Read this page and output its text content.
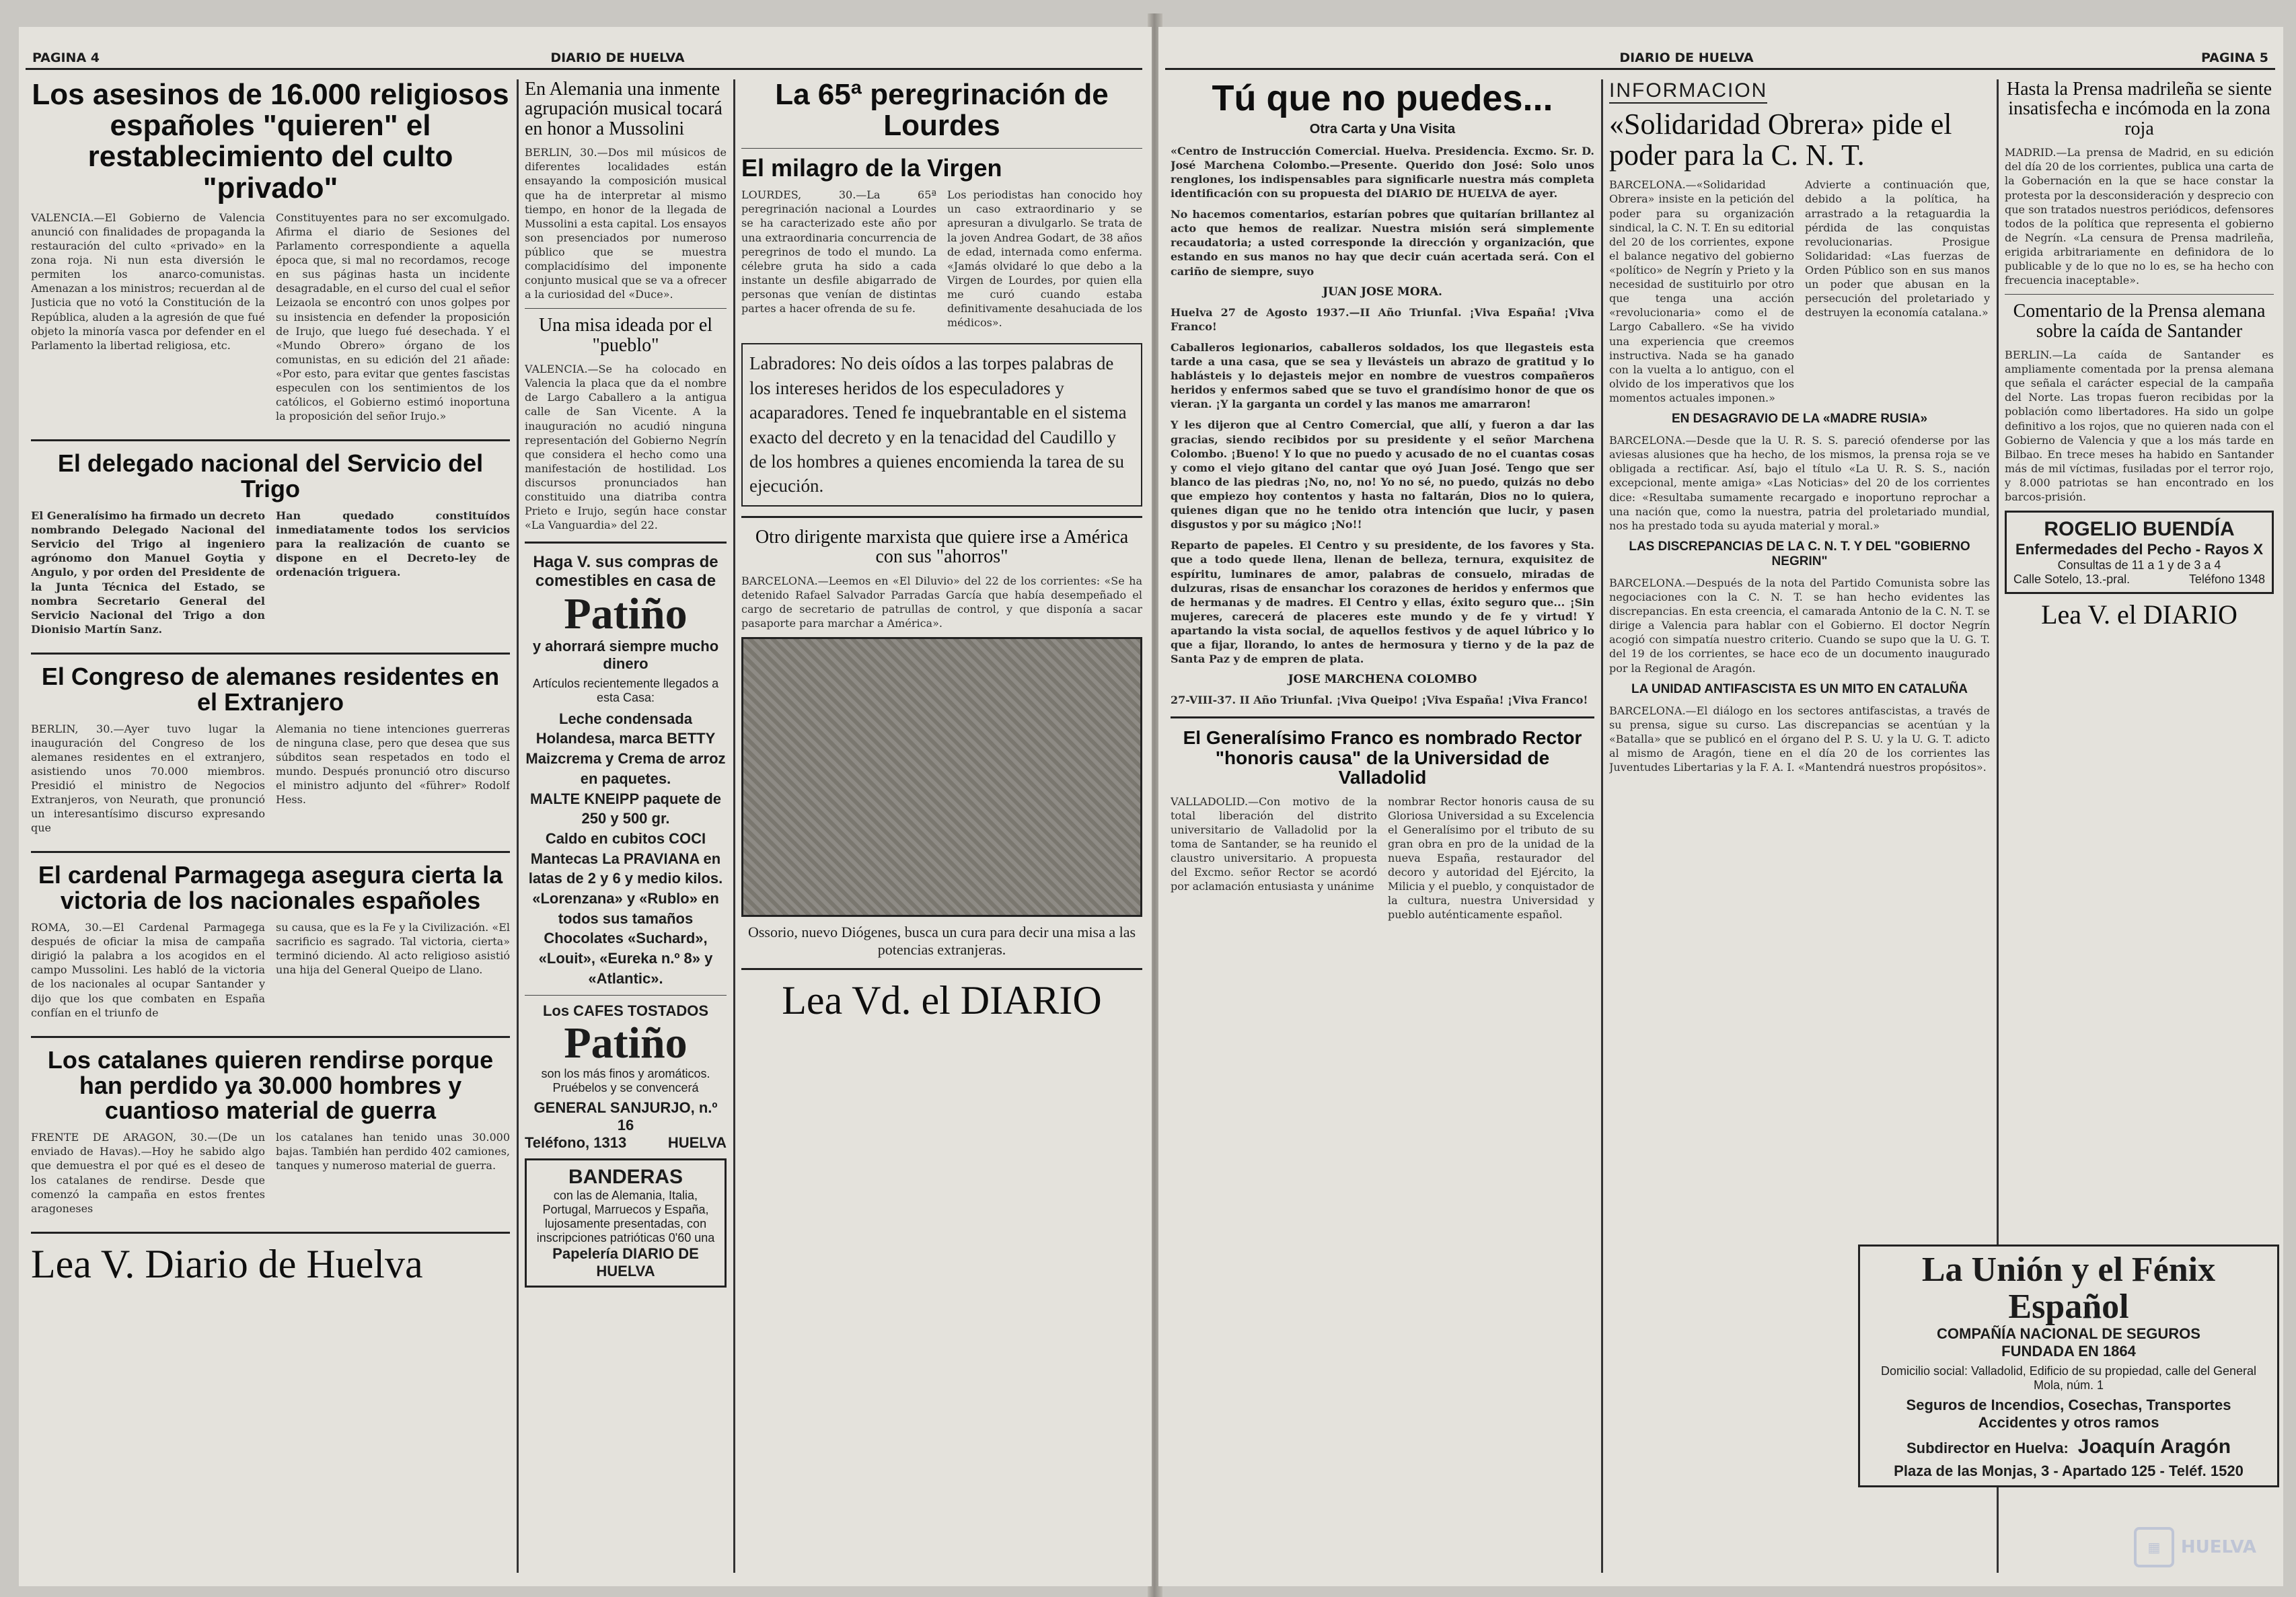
PAGINA 4	DIARIO DE HUELVA
Los asesinos de 16.000 religiosos españoles "quieren" el restablecimiento del culto "privado"
VALENCIA.—El Gobierno de Valencia anunció con finalidades de propaganda la restauración del culto «privado» en la zona roja. Ni nun esta diversión le permiten los anarco-comunistas. Amenazan a los ministros; recuerdan al de Justicia que no votó la Constitución de la República, aluden a la agresión de que fué objeto la minoría vasca por defender en el Parlamento la libertad religiosa, etc.
Constituyentes para no ser excomulgado. Afirma el diario de Sesiones del Parlamento correspondiente a aquella época que, si mal no recordamos, recoge en sus páginas hasta un incidente desagradable, en el curso del cual el señor Leizaola se encontró con unos golpes por su insistencia en defender la proposición de Irujo, que luego fué desechada. Y el «Mundo Obrero» órgano de los comunistas, en su edición del 21 añade: «Por esto, para evitar que gentes fascistas especulen con los sentimientos de los católicos, el Gobierno estimó inoportuna la proposición del señor Irujo.»
El delegado nacional del Servicio del Trigo
El Generalísimo ha firmado un decreto nombrando Delegado Nacional del Servicio del Trigo al ingeniero agrónomo don Manuel Goytia y Angulo, y por orden del Presidente de la Junta Técnica del Estado, se nombra Secretario General del Servicio Nacional del Trigo a don Dionisio Martín Sanz.
Han quedado constituídos inmediatamente todos los servicios para la realización de cuanto se dispone en el Decreto-ley de ordenación triguera.
El Congreso de alemanes residentes en el Extranjero
BERLIN, 30.—Ayer tuvo lugar la inauguración del Congreso de los alemanes residentes en el extranjero, asistiendo unos 70.000 miembros. Presidió el ministro de Negocios Extranjeros, von Neurath, que pronunció un interesantísimo discurso expresando que
Alemania no tiene intenciones guerreras de ninguna clase, pero que desea que sus súbditos sean respetados en todo el mundo. Después pronunció otro discurso el ministro adjunto del «führer» Rodolf Hess.
El cardenal Parmagega asegura cierta la victoria de los nacionales españoles
ROMA, 30.—El Cardenal Parmagega después de oficiar la misa de campaña dirigió la palabra a los acogidos en el campo Mussolini. Les habló de la victoria de los nacionales al ocupar Santander y dijo que los que combaten en España confían en el triunfo de
su causa, que es la Fe y la Civilización. «El sacrificio es sagrado. Tal victoria, cierta» terminó diciendo. Al acto religioso asistió una hija del General Queipo de Llano.
Los catalanes quieren rendirse porque han perdido ya 30.000 hombres y cuantioso material de guerra
FRENTE DE ARAGON, 30.—(De un enviado de Havas).—Hoy he sabido algo que demuestra el por qué es el deseo de los catalanes de rendirse. Desde que comenzó la campaña en estos frentes aragoneses
los catalanes han tenido unas 30.000 bajas. También han perdido 402 camiones, tanques y numeroso material de guerra.
Lea V. Diario de Huelva
En Alemania una inmente agrupación musical tocará en honor a Mussolini
BERLIN, 30.—Dos mil músicos de diferentes localidades están ensayando la composición musical que ha de interpretar al mismo tiempo, en honor de la llegada de Mussolini a esta capital. Los ensayos son presenciados por numeroso público que se muestra complacidísimo del imponente conjunto musical que se va a ofrecer a la curiosidad del «Duce».
Una misa ideada por el "pueblo"
VALENCIA.—Se ha colocado en Valencia la placa que da el nombre de Largo Caballero a la antigua calle de San Vicente. A la inauguración no acudió ninguna representación del Gobierno Negrín que considera el hecho como una manifestación de hostilidad. Los discursos pronunciados han constituido una diatriba contra Prieto e Irujo, según hace constar «La Vanguardia» del 22.
Haga V. sus compras de comestibles en casa de
Patiño
y ahorrará siempre mucho dinero
Artículos recientemente llegados a esta Casa:
Leche condensada Holandesa, marca BETTY
Maizcrema y Crema de arroz en paquetes.
MALTE KNEIPP paquete de 250 y 500 gr.
Caldo en cubitos COCI
Mantecas La PRAVIANA en latas de 2 y 6 y medio kilos.
«Lorenzana» y «Rublo» en todos sus tamaños
Chocolates «Suchard», «Louit», «Eureka n.º 8» y «Atlantic».
Los CAFES TOSTADOS
Patiño
son los más finos y aromáticos. Pruébelos y se convencerá
GENERAL SANJURJO, n.º 16
Teléfono, 1313	HUELVA
BANDERAS
con las de Alemania, Italia, Portugal, Marruecos y España, lujosamente presentadas, con inscripciones patrióticas 0'60 una
Papelería DIARIO DE HUELVA
La 65ª peregrinación de Lourdes
El milagro de la Virgen
LOURDES, 30.—La 65ª peregrinación nacional a Lourdes se ha caracterizado este año por una extraordinaria concurrencia de peregrinos de todo el mundo. La célebre gruta ha sido a cada instante un desfile abigarrado de personas que venían de distintas partes a hacer ofrenda de su fe.
Los periodistas han conocido hoy un caso extraordinario y se apresuran a divulgarlo. Se trata de la joven Andrea Godart, de 38 años de edad, internada como enferma. «Jamás olvidaré lo que debo a la Virgen de Lourdes, por quien ella me curó cuando estaba definitivamente desahuciada de los médicos».
Labradores: No deis oídos a las torpes palabras de los intereses heridos de los especuladores y acaparadores. Tened fe inquebrantable en el sistema exacto del decreto y en la tenacidad del Caudillo y de los hombres a quienes encomienda la tarea de su ejecución.
Otro dirigente marxista que quiere irse a América con sus "ahorros"
BARCELONA.—Leemos en «El Diluvio» del 22 de los corrientes: «Se ha detenido Rafael Salvador Parradas García que había desempeñado el cargo de secretario de patrullas de control, y que disponía a sacar pasaporte para marchar a América».
Ossorio, nuevo Diógenes, busca un cura para decir una misa a las potencias extranjeras.
Lea Vd. el DIARIO
DIARIO DE HUELVA	PAGINA 5
Tú que no puedes...
Otra Carta y Una Visita
«Centro de Instrucción Comercial. Huelva. Presidencia. Excmo. Sr. D. José Marchena Colombo.—Presente. Querido don José: Solo unos renglones, los indispensables para significarle nuestra más completa identificación con su propuesta del DIARIO DE HUELVA de ayer.
No hacemos comentarios, estarían pobres que quitarían brillantez al acto que hemos de realizar. Nuestra misión será simplemente recaudatoria; a usted corresponde la dirección y organización, que estando en sus manos no hay que decir cuán acertada será. Con el cariño de siempre, suyo
JUAN JOSE MORA.
Huelva 27 de Agosto 1937.—II Año Triunfal. ¡Viva España! ¡Viva Franco!
Caballeros legionarios, caballeros soldados, los que llegasteis esta tarde a una casa, que se sea y llevásteis un abrazo de gratitud y lo hablásteis y lo dejasteis mejor en nombre de vuestros compañeros heridos y enfermos sabed que se tuvo el grandísimo honor de que os vieran. ¡Y la garganta un cordel y las manos me amarraron!
Y les dijeron que al Centro Comercial, que allí, y fueron a dar las gracias, siendo recibidos por su presidente y el señor Marchena Colombo. ¡Bueno! Y lo que no puedo y acusado de no el cuantas cosas y como el viejo gitano del cantar que oyó Juan José. Tengo que ser blanco de las piedras ¡No, no, no! Yo no sé, no puedo, quizás no debo que empiezo hoy contentos y hasta no faltarán, Dios no lo quiera, quienes digan que no he tenido otra intención que lucir, y pasen disgustos y por su mágico ¡No!!
Reparto de papeles. El Centro y su presidente, de los favores y Sta. que a todo quede llena, llenan de belleza, ternura, exquisitez de espíritu, luminares de amor, palabras de consuelo, miradas de dulzuras, risas de ensanchar los corazones de heridos y enfermos que de hermanas y de madres. El Centro y ellas, éxito seguro que... ¡Sin mujeres, carecerá de placeres este mundo y de fe y virtud! Y apartando la vista social, de aquellos festivos y de aquel lúbrico y lo que a fijar, llorando, lo antes de hermosura y tierno y de la paz de Santa Paz y de empren de plata.
JOSE MARCHENA COLOMBO
27-VIII-37. II Año Triunfal. ¡Viva Queipo! ¡Viva España! ¡Viva Franco!
El Generalísimo Franco es nombrado Rector "honoris causa" de la Universidad de Valladolid
VALLADOLID.—Con motivo de la total liberación del distrito universitario de Valladolid por la toma de Santander, se ha reunido el claustro universitario. A propuesta del Excmo. señor Rector se acordó por aclamación entusiasta y unánime
nombrar Rector honoris causa de su Gloriosa Universidad a su Excelencia el Generalísimo por el tributo de su gran obra en pro de la unidad de la nueva España, restaurador del decoro y autoridad del Ejército, la Milicia y el pueblo, y conquistador de la cultura, nuestra Universidad y pueblo auténticamente español.
INFORMACION
«Solidaridad Obrera» pide el poder para la C. N. T.
BARCELONA.—«Solidaridad Obrera» insiste en la petición del poder para su organización sindical, la C. N. T. En su editorial del 20 de los corrientes, expone el balance negativo del gobierno «político» de Negrín y Prieto y la necesidad de sustituirlo por otro que tenga una acción «revolucionaria» como el de Largo Caballero. «Se ha vivido una experiencia que creemos instructiva. Nada se ha ganado con la vuelta a lo antiguo, con el olvido de los imperativos que los momentos actuales imponen.»
Advierte a continuación que, debido a la política, ha arrastrado a la retaguardia la pérdida de las conquistas revolucionarias. Prosigue Solidaridad: «Las fuerzas de Orden Público son en sus manos un poder que abusan en la persecución del proletariado y destruyen la economía catalana.»
EN DESAGRAVIO DE LA «MADRE RUSIA»
BARCELONA.—Desde que la U. R. S. S. pareció ofenderse por las aviesas alusiones que ha hecho, de los mismos, la prensa roja se ve obligada a rectificar. Así, bajo el título «La U. R. S. S., nación excepcional, mente amiga» «Las Noticias» del 20 de los corrientes dice: «Resultaba sumamente recargado e inoportuno reprochar a una nación que, como la nuestra, patria del proletariado mundial, nos ha prestado toda su ayuda material y moral.»
LAS DISCREPANCIAS DE LA C. N. T. Y DEL "GOBIERNO NEGRIN"
BARCELONA.—Después de la nota del Partido Comunista sobre las negociaciones con la C. N. T. se han hecho evidentes las discrepancias. En esta creencia, el camarada Antonio de la C. N. T. se dirige a Valencia para hablar con el Gobierno. El doctor Negrín acogió con simpatía nuestro criterio. Cuando se supo que la U. G. T. del 19 de los corrientes, se hace eco de un documento inaugurado por la Regional de Aragón.
LA UNIDAD ANTIFASCISTA ES UN MITO EN CATALUÑA
BARCELONA.—El diálogo en los sectores antifascistas, a través de su prensa, sigue su curso. Las discrepancias se acentúan y la «Batalla» que se publicó en el órgano del P. S. U. y la U. G. T. adicto al mismo de Aragón, tiene en el día 20 de los corrientes las Juventudes Libertarias y la F. A. I. «Mantendrá nuestros propósitos».
Hasta la Prensa madrileña se siente insatisfecha e incómoda en la zona roja
MADRID.—La prensa de Madrid, en su edición del día 20 de los corrientes, publica una carta de la Gobernación en la que se hace constar la protesta por la desconsideración y desprecio con que son tratados nuestros periódicos, defensores todos de la política que representa el gobierno de Negrín. «La censura de Prensa madrileña, erigida arbitrariamente en definidora de lo publicable y de lo que no lo es, se ha hecho con frecuencia inaceptable».
Comentario de la Prensa alemana sobre la caída de Santander
BERLIN.—La caída de Santander es ampliamente comentada por la prensa alemana que señala el carácter especial de la campaña del Norte. Las tropas fueron recibidas por la población como libertadores. Ha sido un golpe definitivo a los rojos, que no quieren nada con el Gobierno de Valencia y que a los más tarde en Bilbao. En trece meses ha habido en Santander más de mil víctimas, fusiladas por el terror rojo, y 8.000 patriotas se han encontrado en los barcos-prisión.
ROGELIO BUENDÍA
Enfermedades del Pecho - Rayos X
Consultas de 11 a 1 y de 3 a 4
Calle Sotelo, 13.-pral.	Teléfono 1348
Lea V. el DIARIO
La Unión y el Fénix Español
COMPAÑÍA NACIONAL DE SEGUROS
FUNDADA EN 1864
Domicilio social: Valladolid, Edificio de su propiedad, calle del General Mola, núm. 1
Seguros de Incendios, Cosechas, Transportes Accidentes y otros ramos
Subdirector en Huelva: Joaquín Aragón
Plaza de las Monjas, 3 - Apartado 125 - Teléf. 1520
▦	HUELVA
